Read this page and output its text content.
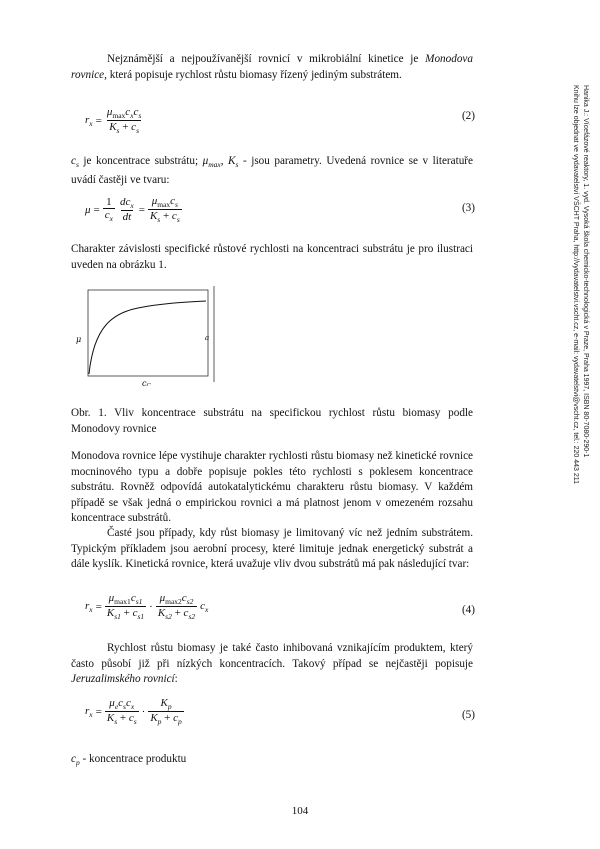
Hanika J.: Vícefázové reaktory, 1. vyd. Vysoká škola chemicko-technologická v Praze, Praha 1997, ISBN 80-7080-290-1
Knihu lze objednat ve vydavatelství VŠCHT Praha, http://vydavatelstvi.vscht.cz, e-mail: vydavatelstvi@vscht.cz, tel.: 220 443 211

Nejznámější a nejpoužívanější rovnicí v mikrobiální kinetice je Monodova rovnice, která popisuje rychlost růstu biomasy řízený jediným substrátem.

$r_x$ =
$\mu_{max}c_xc_s$
$K_s + c_s$
(2)

$c_s$ je koncentrace substrátu; $\mu_{max}$, $K_s$ - jsou parametry. Uvedená rovnice se v literatuře uvádí častěji ve tvaru:

$\mu = \frac{1}{c_x} dc_x$
dt
=
$\mu_{max}c_s$
$K_s + c_s$
(3)

Charakter závislosti specifické růstové rychlosti na koncentraci substrátu je pro ilustraci uveden na obrázku 1.

μ	a
cC

Obr. 1. Vliv koncentrace substrátu na specifickou rychlost růstu biomasy podle Monodovy rovnice

Monodova rovnice lépe vystihuje charakter rychlosti růstu biomasy než kinetické rovnice mocninového typu a dobře popisuje pokles této rychlosti s poklesem koncentrace substrátu. Rovněž odpovídá autokatalytickému charakteru růstu biomasy. V každém případě se však jedná o empirickou rovnici a má platnost jenom v omezeném rozsahu koncentrace substrátů.

Časté jsou případy, kdy růst biomasy je limitovaný víc než jedním substrátem. Typickým příkladem jsou aerobní procesy, které limituje jednak energetický substrát a dále kyslík. Kinetická rovnice, která uvažuje vliv dvou substrátů má pak následující tvar:

$r_x$ =
$\mu_{max1}c_{s1}$
$K_{s1} + c_{s1}$
·
$\mu_{max2}c_{s2}$
$K_{s2} + c_{s2}$
$c_x$	(4)

Rychlost růstu biomasy je také často inhibovaná vznikajícím produktem, který často působí již při nízkých koncentracích. Takový případ se nejčastěji popisuje Jeruzalimského rovnicí:

$r_x$ =
$\mu_ec_sc_x$
$K_s + c_s$
·
$K_p$
$K_p + c_p$
(5)

$c_p$ - koncentrace produktu

104
